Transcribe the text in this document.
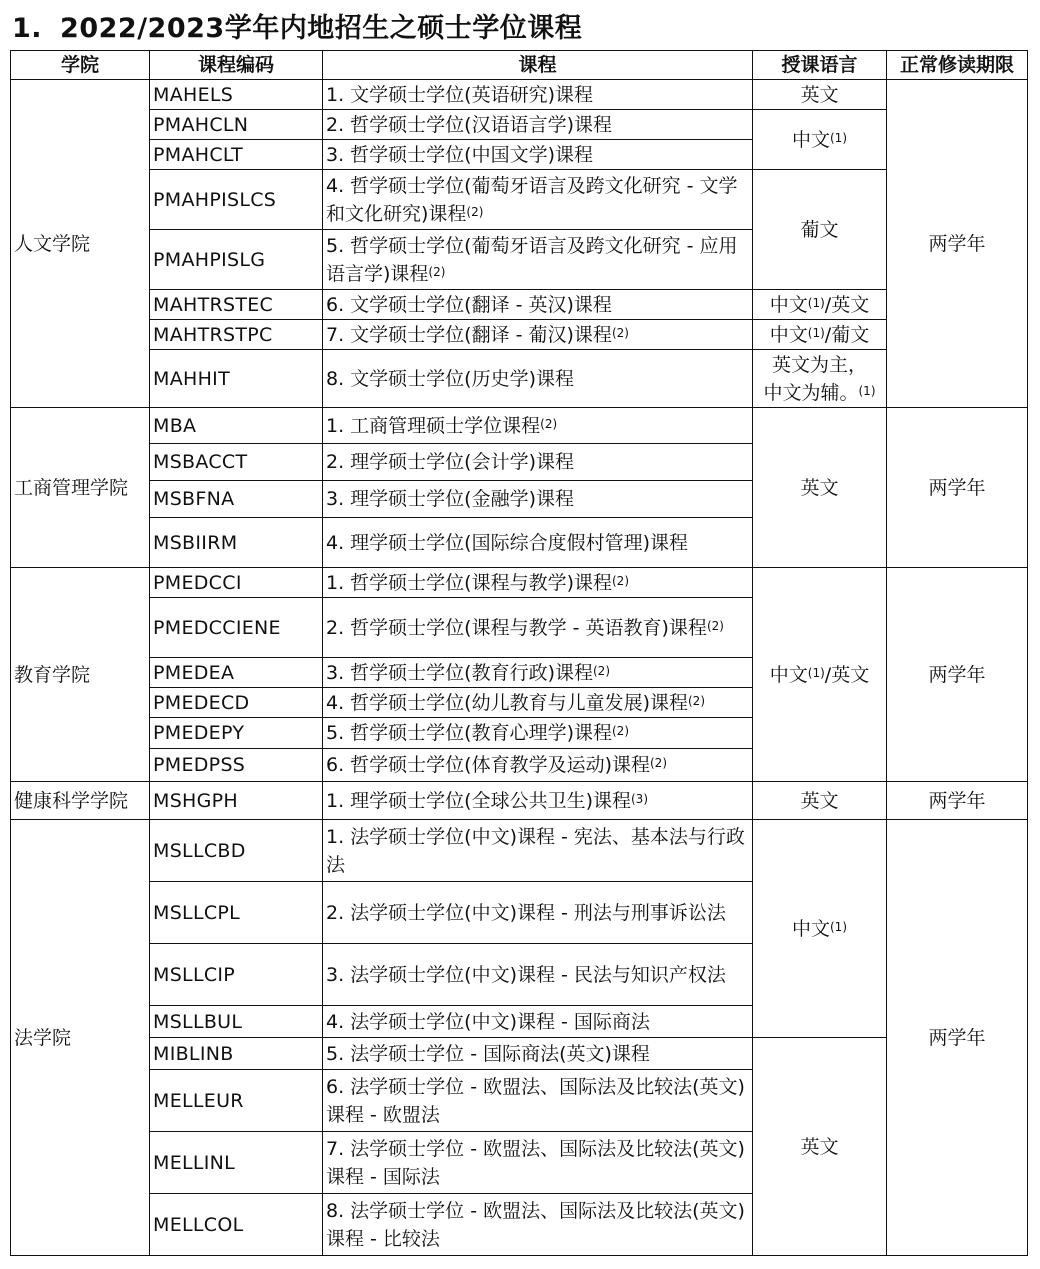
1. 2022/2023学年内地招生之硕士学位课程
学院	课程编码	课程	授课语言	正常修读期限
人文学院	MAHELS	1. 文学硕士学位(英语研究)课程	英文	两学年
	PMAHCLN	2. 哲学硕士学位(汉语语言学)课程	中文$^{(1)}$
	PMAHCLT	3. 哲学硕士学位(中国文学)课程		
	PMAHPISLCS	4. 哲学硕士学位(葡萄牙语言及跨文化研究 - 文学和文化研究)课程$^{(2)}$	葡文	
	PMAHPISLG	5. 哲学硕士学位(葡萄牙语言及跨文化研究 - 应用语言学)课程$^{(2)}$
	MAHTRSTEC	6. 文学硕士学位(翻译 - 英汉)课程	中文$^{(1)}$/英文	
	MAHTRSTPC	7. 文学硕士学位(翻译 - 葡汉)课程$^{(2)}$	中文$^{(1)}$/葡文	
	MAHHIT	8. 文学硕士学位(历史学)课程	英文为主，
中文为辅。$^{(1)}$
工商管理学院	MBA	1. 工商管理硕士学位课程$^{(2)}$	英文	两学年
	MSBACCT	2. 理学硕士学位(会计学)课程		
	MSBFNA	3. 理学硕士学位(金融学)课程		
	MSBIIRM	4. 理学硕士学位(国际综合度假村管理)课程		
教育学院	PMEDCCI	1. 哲学硕士学位(课程与教学)课程$^{(2)}$	中文$^{(1)}$/英文	两学年
	PMEDCCIENE	2. 哲学硕士学位(课程与教学 - 英语教育)课程$^{(2)}$
	PMEDEA	3. 哲学硕士学位(教育行政)课程$^{(2)}$
	PMEDECD	4. 哲学硕士学位(幼儿教育与儿童发展)课程$^{(2)}$
	PMEDEPY	5. 哲学硕士学位(教育心理学)课程$^{(2)}$
	PMEDPSS	6. 哲学硕士学位(体育教学及运动)课程$^{(2)}$
健康科学学院	MSHGPH	1. 理学硕士学位(全球公共卫生)课程$^{(3)}$	英文	两学年
法学院	MSLLCBD	1. 法学硕士学位(中文)课程 - 宪法、基本法与行政法	中文$^{(1)}$	两学年
	MSLLCPL	2. 法学硕士学位(中文)课程 - 刑法与刑事诉讼法		
	MSLLCIP	3. 法学硕士学位(中文)课程 - 民法与知识产权法		
	MSLLBUL	4. 法学硕士学位(中文)课程 - 国际商法		
	MIBLINB	5. 法学硕士学位 - 国际商法(英文)课程	英文	
	MELLEUR	6. 法学硕士学位 - 欧盟法、国际法及比较法(英文)课程 - 欧盟法		
	MELLINL	7. 法学硕士学位 - 欧盟法、国际法及比较法(英文)课程 - 国际法		
	MELLCOL	8. 法学硕士学位 - 欧盟法、国际法及比较法(英文)课程 - 比较法		
